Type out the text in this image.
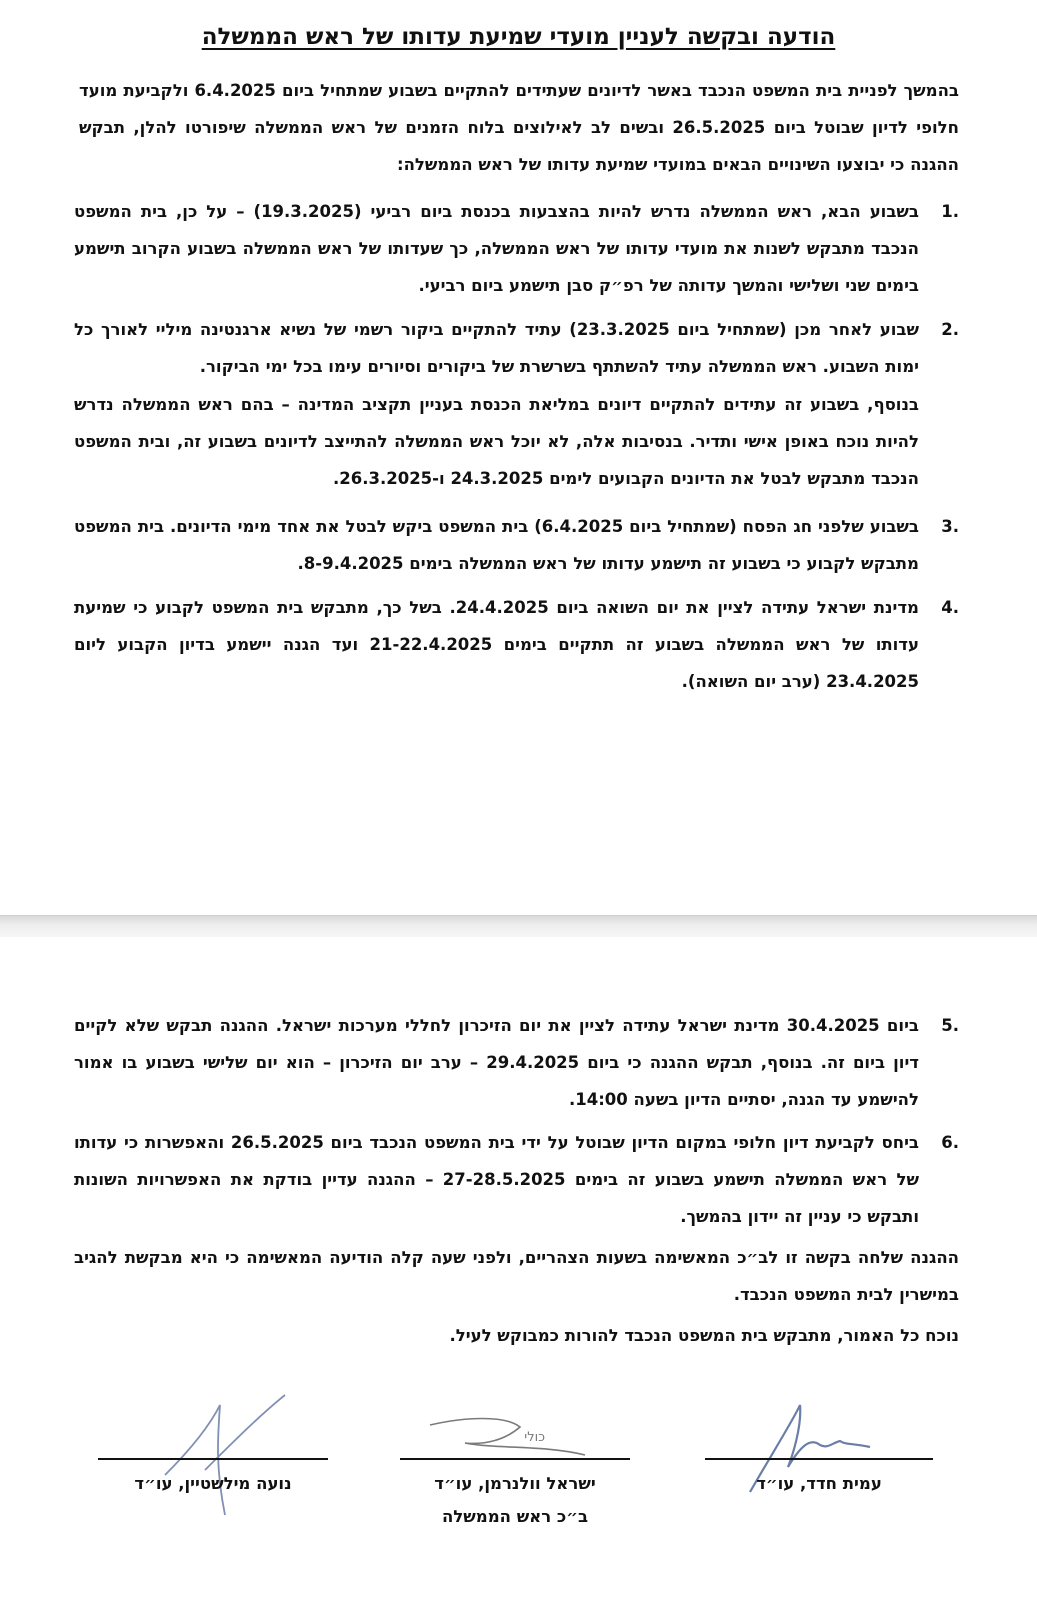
הודעה ובקשה לעניין מועדי שמיעת עדותו של ראש הממשלה
בהמשך לפניית בית המשפט הנכבד באשר לדיונים שעתידים להתקיים בשבוע שמתחיל ביום 6.4.2025 ולקביעת מועד חלופי לדיון שבוטל ביום 26.5.2025 ובשים לב לאילוצים בלוח הזמנים של ראש הממשלה שיפורטו להלן, תבקש ההגנה כי יבוצעו השינויים הבאים במועדי שמיעת עדותו של ראש הממשלה:
.1
בשבוע הבא, ראש הממשלה נדרש להיות בהצבעות בכנסת ביום רביעי (19.3.2025) – על כן, בית המשפט הנכבד מתבקש לשנות את מועדי עדותו של ראש הממשלה, כך שעדותו של ראש הממשלה בשבוע הקרוב תישמע בימים שני ושלישי והמשך עדותה של רפ״ק סבן תישמע ביום רביעי.
.2
שבוע לאחר מכן (שמתחיל ביום 23.3.2025) עתיד להתקיים ביקור רשמי של נשיא ארגנטינה מיליי לאורך כל ימות השבוע. ראש הממשלה עתיד להשתתף בשרשרת של ביקורים וסיורים עימו בכל ימי הביקור.
בנוסף, בשבוע זה עתידים להתקיים דיונים במליאת הכנסת בעניין תקציב המדינה – בהם ראש הממשלה נדרש להיות נוכח באופן אישי ותדיר. בנסיבות אלה, לא יוכל ראש הממשלה להתייצב לדיונים בשבוע זה, ובית המשפט הנכבד מתבקש לבטל את הדיונים הקבועים לימים 24.3.2025 ו-26.3.2025.
.3
בשבוע שלפני חג הפסח (שמתחיל ביום 6.4.2025) בית המשפט ביקש לבטל את אחד מימי הדיונים. בית המשפט מתבקש לקבוע כי בשבוע זה תישמע עדותו של ראש הממשלה בימים 8-9.4.2025.
.4
מדינת ישראל עתידה לציין את יום השואה ביום 24.4.2025. בשל כך, מתבקש בית המשפט לקבוע כי שמיעת עדותו של ראש הממשלה בשבוע זה תתקיים בימים 21-22.4.2025 ועד הגנה יישמע בדיון הקבוע ליום 23.4.2025 (ערב יום השואה).
.5
ביום 30.4.2025 מדינת ישראל עתידה לציין את יום הזיכרון לחללי מערכות ישראל. ההגנה תבקש שלא לקיים דיון ביום זה. בנוסף, תבקש ההגנה כי ביום 29.4.2025 – ערב יום הזיכרון – הוא יום שלישי בשבוע בו אמור להישמע עד הגנה, יסתיים הדיון בשעה 14:00.
.6
ביחס לקביעת דיון חלופי במקום הדיון שבוטל על ידי בית המשפט הנכבד ביום 26.5.2025 והאפשרות כי עדותו של ראש הממשלה תישמע בשבוע זה בימים 27-28.5.2025 – ההגנה עדיין בודקת את האפשרויות השונות ותבקש כי עניין זה יידון בהמשך.
ההגנה שלחה בקשה זו לב״כ המאשימה בשעות הצהריים, ולפני שעה קלה הודיעה המאשימה כי היא מבקשת להגיב במישרין לבית המשפט הנכבד.
נוכח כל האמור, מתבקש בית המשפט הנכבד להורות כמבוקש לעיל.
עמית חדד, עו״ד
כולי
ישראל וולנרמן, עו״ד
ב״כ ראש הממשלה
נועה מילשטיין, עו״ד
